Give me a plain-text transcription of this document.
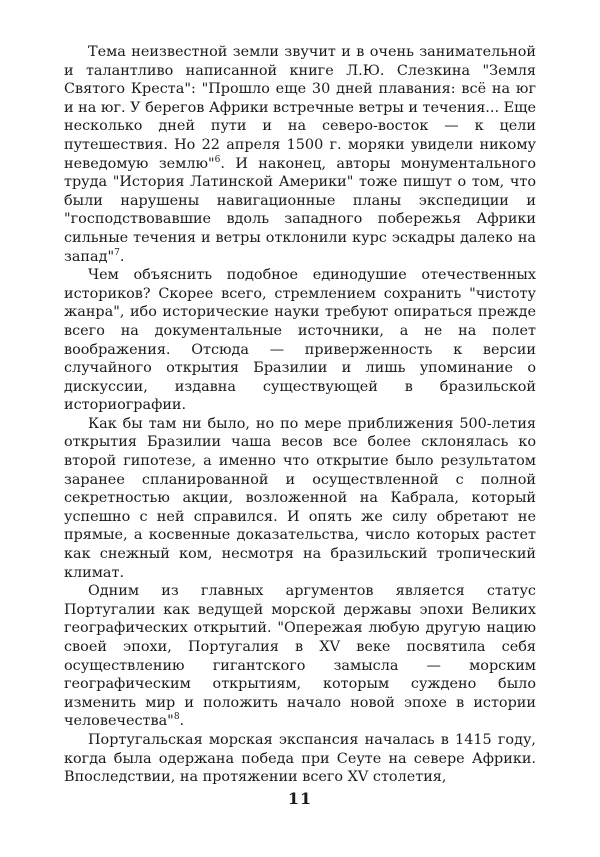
Тема неизвестной земли звучит и в очень занимательной и талантливо написанной книге Л.Ю. Слезкина "Земля Святого Креста": "Прошло еще 30 дней плавания: всё на юг и на юг. У берегов Африки встречные ветры и течения... Еще несколько дней пути и на северо-восток — к цели путешествия. Но 22 апреля 1500 г. моряки увидели никому неведомую землю"$^6$. И наконец, авторы монументального труда "История Латинской Америки" тоже пишут о том, что были нарушены навигационные планы экспедиции и "господствовавшие вдоль западного побережья Африки сильные течения и ветры отклонили курс эскадры далеко на запад"$^7$.

Чем объяснить подобное единодушие отечественных историков? Скорее всего, стремлением сохранить "чистоту жанра", ибо исторические науки требуют опираться прежде всего на документальные источники, а не на полет воображения. Отсюда — приверженность к версии случайного открытия Бразилии и лишь упоминание о дискуссии, издавна существующей в бразильской историографии.

Как бы там ни было, но по мере приближения 500-летия открытия Бразилии чаша весов все более склонялась ко второй гипотезе, а именно что открытие было результатом заранее спланированной и осуществленной с полной секретностью акции, возложенной на Кабрала, который успешно с ней справился. И опять же силу обретают не прямые, а косвенные доказательства, число которых растет как снежный ком, несмотря на бразильский тропический климат.

Одним из главных аргументов является статус Португалии как ведущей морской державы эпохи Великих географических открытий. "Опережая любую другую нацию своей эпохи, Португалия в XV веке посвятила себя осуществлению гигантского замысла — морским географическим открытиям, которым суждено было изменить мир и положить начало новой эпохе в истории человечества"$^8$.

Португальская морская экспансия началась в 1415 году, когда была одержана победа при Сеуте на севере Африки. Впоследствии, на протяжении всего XV столетия,

11
